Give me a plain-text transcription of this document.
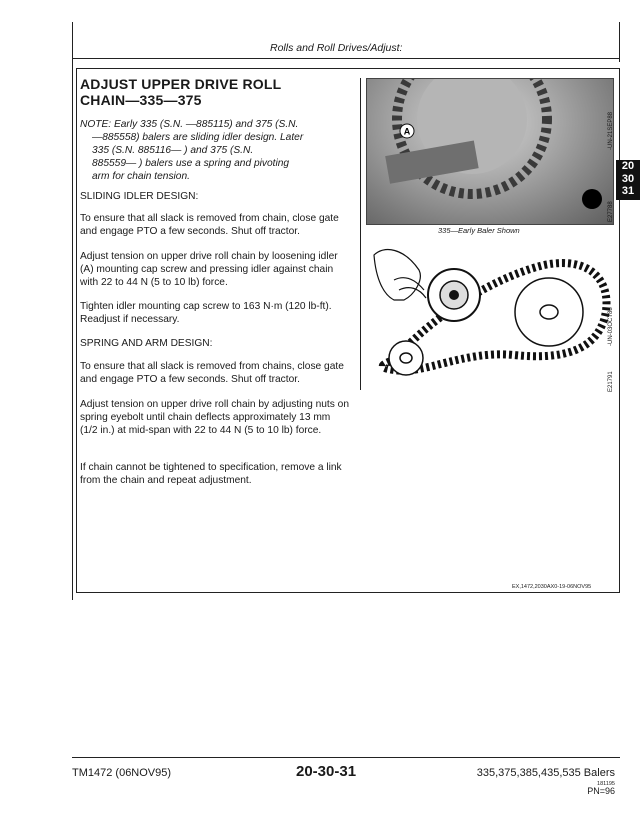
Rolls and Roll Drives/Adjust:
ADJUST UPPER DRIVE ROLL
CHAIN—335—375
NOTE: Early 335 (S.N. —885115) and 375 (S.N.
—885558) balers are sliding idler design. Later
335 (S.N. 885116— ) and 375 (S.N.
885559— ) balers use a spring and pivoting
arm for chain tension.
SLIDING IDLER DESIGN:
To ensure that all slack is removed from chain, close gate and engage PTO a few seconds. Shut off tractor.
Adjust tension on upper drive roll chain by loosening idler (A) mounting cap screw and pressing idler against chain with 22 to 44 N (5 to 10 lb) force.
Tighten idler mounting cap screw to 163 N·m (120 lb-ft). Readjust if necessary.
SPRING AND ARM DESIGN:
To ensure that all slack is removed from chains, close gate and engage PTO a few seconds. Shut off tractor.
Adjust tension on upper drive roll chain by adjusting nuts on spring eyebolt until chain deflects approximately 13 mm (1/2 in.) at mid-span with 22 to 44 N (5 to 10 lb) force.
If chain cannot be tightened to specification, remove a link from the chain and repeat adjustment.
A	-UN-21SEP88
E27788
335—Early Baler Shown
-UN-03OCT88
E21791
20
30
31
EX,1472,2030AX0-19-06NOV95
TM1472 (06NOV95)	20-30-31	335,375,385,435,535 Balers
181195
PN=96
